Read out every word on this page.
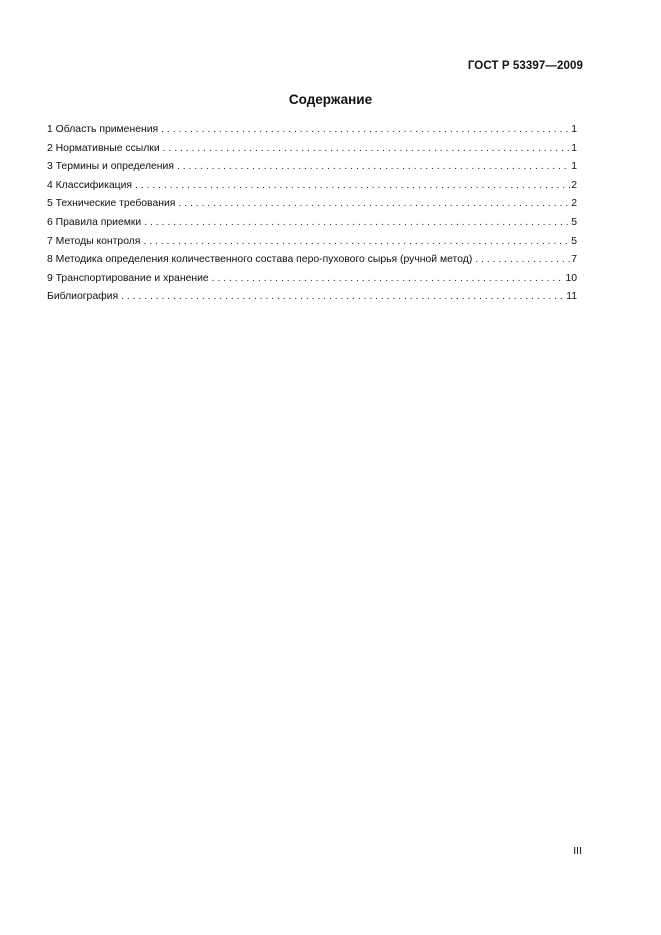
ГОСТ Р 53397—2009
Содержание
1 Область применения . . .	1
2 Нормативные ссылки . . .	1
3 Термины и определения . . .	1
4 Классификация . . .	2
5 Технические требования . . .	2
6 Правила приемки . . .	5
7 Методы контроля . . .	5
8 Методика определения количественного состава перо-пухового сырья (ручной метод) . . .	7
9 Транспортирование и хранение . . .	10
Библиография . . .	11
III
